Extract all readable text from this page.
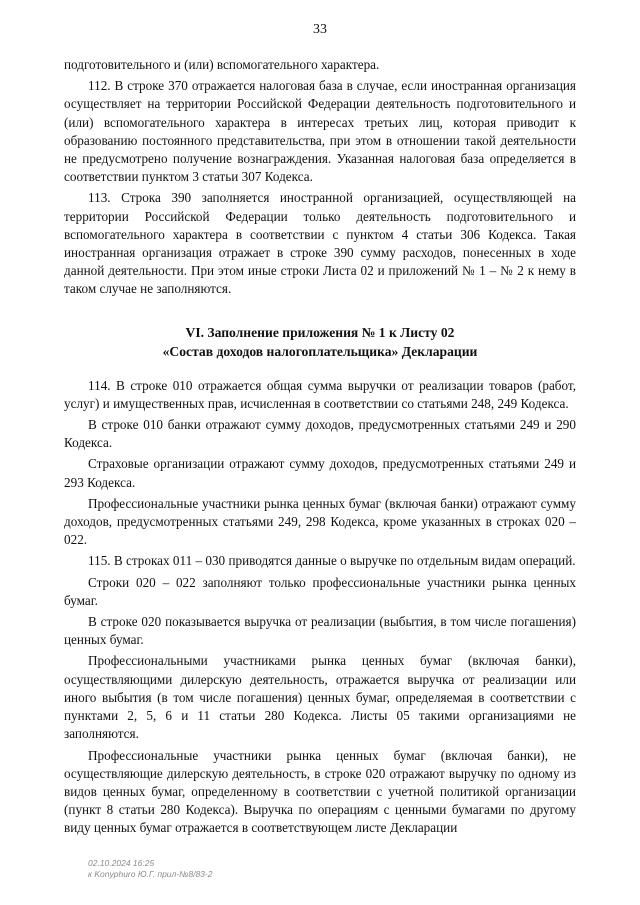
33

подготовительного и (или) вспомогательного характера.

112. В строке 370 отражается налоговая база в случае, если иностранная организация осуществляет на территории Российской Федерации деятельность подготовительного и (или) вспомогательного характера в интересах третьих лиц, которая приводит к образованию постоянного представительства, при этом в отношении такой деятельности не предусмотрено получение вознаграждения. Указанная налоговая база определяется в соответствии пунктом 3 статьи 307 Кодекса.

113. Строка 390 заполняется иностранной организацией, осуществляющей на территории Российской Федерации только деятельность подготовительного и вспомогательного характера в соответствии с пунктом 4 статьи 306 Кодекса. Такая иностранная организация отражает в строке 390 сумму расходов, понесенных в ходе данной деятельности. При этом иные строки Листа 02 и приложений № 1 – № 2 к нему в таком случае не заполняются.

VI. Заполнение приложения № 1 к Листу 02
«Состав доходов налогоплательщика» Декларации

114. В строке 010 отражается общая сумма выручки от реализации товаров (работ, услуг) и имущественных прав, исчисленная в соответствии со статьями 248, 249 Кодекса.

В строке 010 банки отражают сумму доходов, предусмотренных статьями 249 и 290 Кодекса.

Страховые организации отражают сумму доходов, предусмотренных статьями 249 и 293 Кодекса.

Профессиональные участники рынка ценных бумаг (включая банки) отражают сумму доходов, предусмотренных статьями 249, 298 Кодекса, кроме указанных в строках 020 – 022.

115. В строках 011 – 030 приводятся данные о выручке по отдельным видам операций.

Строки 020 – 022 заполняют только профессиональные участники рынка ценных бумаг.

В строке 020 показывается выручка от реализации (выбытия, в том числе погашения) ценных бумаг.

Профессиональными участниками рынка ценных бумаг (включая банки), осуществляющими дилерскую деятельность, отражается выручка от реализации или иного выбытия (в том числе погашения) ценных бумаг, определяемая в соответствии с пунктами 2, 5, 6 и 11 статьи 280 Кодекса. Листы 05 такими организациями не заполняются.

Профессиональные участники рынка ценных бумаг (включая банки), не осуществляющие дилерскую деятельность, в строке 020 отражают выручку по одному из видов ценных бумаг, определенному в соответствии с учетной политикой организации (пункт 8 статьи 280 Кодекса). Выручка по операциям с ценными бумагами по другому виду ценных бумаг отражается в соответствующем листе Декларации

02.10.2024 16:25
к Konyрhuro Ю.Г. прил-№8/83-2
